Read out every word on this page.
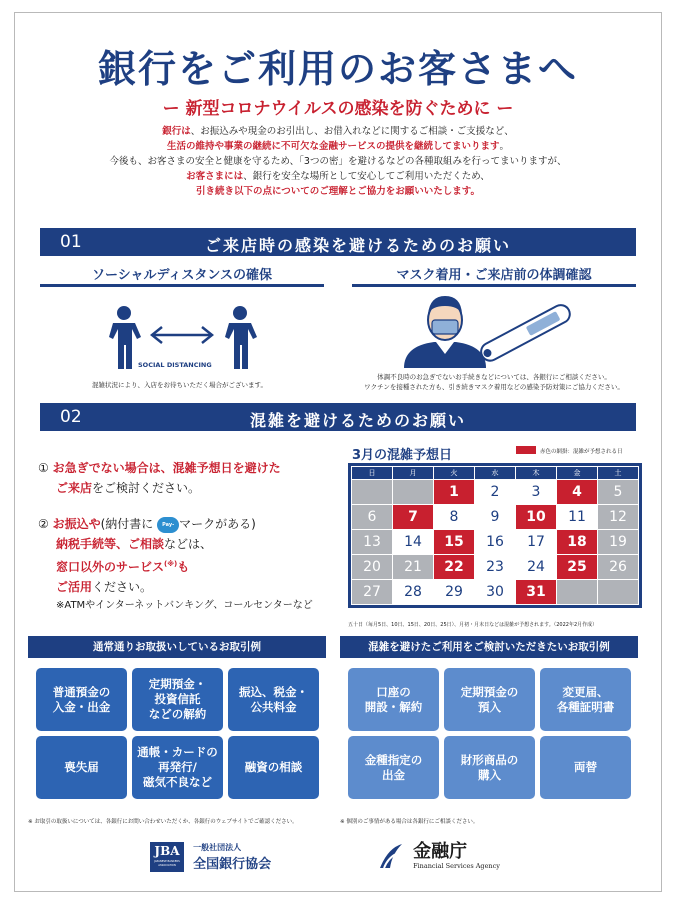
銀行をご利用のお客さまへ
ー 新型コロナウイルスの感染を防ぐために ー
銀行は、お振込みや現金のお引出し、お借入れなどに関するご相談・ご支援など、
生活の維持や事業の継続に不可欠な金融サービスの提供を継続してまいります。
今後も、お客さまの安全と健康を守るため、「3つの密」を避けるなどの各種取組みを行ってまいりますが、
お客さまには、銀行を安全な場所として安心してご利用いただくため、
引き続き以下の点についてのご理解とご協力をお願いいたします。
01	ご来店時の感染を避けるためのお願い
ソーシャルディスタンスの確保
SOCIAL DISTANCING
混雑状況により、入店をお待ちいただく場合がございます。
マスク着用・ご来店前の体調確認
体調不良時のお急ぎでないお手続きなどについては、各銀行にご相談ください。
ワクチンを接種された方も、引き続きマスク着用などの感染予防対策にご協力ください。
02	混雑を避けるためのお願い
① お急ぎでない場合は、混雑予想日を避けた
ご来店をご検討ください。
② お振込や(納付書に Pay- マークがある)
納税手続等、ご相談などは、
窓口以外のサービス(※)も
ご活用ください。
※ATMやインターネットバンキング、コールセンターなど
3月の混雑予想日	赤色の網掛：混雑が予想される日
日	月	火	水	木	金	土
		1	2	3	4	5
6	7	8	9	10	11	12
13	14	15	16	17	18	19
20	21	22	23	24	25	26
27	28	29	30	31		
五十日（毎月5日、10日、15日、20日、25日）、月初・月末日などは混雑が予想されます。（2022年2月作成）
通常通りお取扱いしているお取引例
普通預金の
入金・出金
定期預金・
投資信託
などの解約
振込、税金・
公共料金
喪失届
通帳・カードの
再発行/
磁気不良など
融資の相談
※ お取引の取扱いについては、各銀行にお問い合わせいただくか、各銀行のウェブサイトでご確認ください。
混雑を避けたご利用をご検討いただきたいお取引例
口座の
開設・解約
定期預金の
預入
変更届、
各種証明書
金種指定の
出金
財形商品の
購入
両替
※ 個別のご事情がある場合は各銀行にご相談ください。
JBA
JAPANESE BANKERS ASSOCIATION

一般社団法人
全国銀行協会

金融庁
Financial Services Agency
